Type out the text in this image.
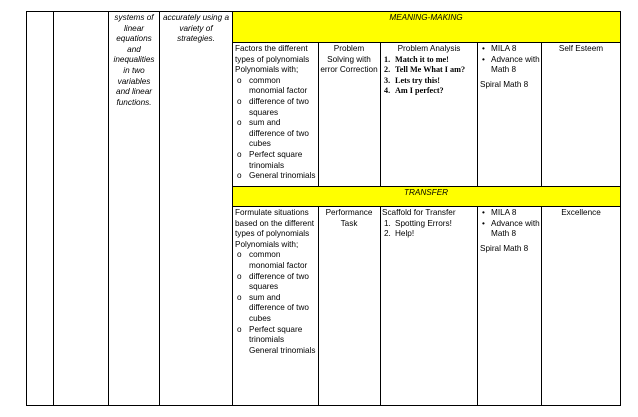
MEANING-MAKING
TRANSFER
systems of linear equations and inequalities in two variables and linear functions.
accurately using a variety of strategies.
Factors the different types of polynomials Polynomials with;
o common monomial factor
o difference of two squares
o sum and difference of two cubes
o Perfect square trinomials
o General trinomials
Problem Solving with error Correction
Problem Analysis
1. Match it to me!
2. Tell Me What I am?
3. Lets try this!
4. Am I perfect?
• MILA 8
• Advance with Math 8
Spiral Math 8
Self Esteem
Formulate situations based on the different types of polynomials Polynomials with;
o common monomial factor
o difference of two squares
o sum and difference of two cubes
o Perfect square trinomials
General trinomials
Performance Task
Scaffold for Transfer
1. Spotting Errors!
2. Help!
• MILA 8
• Advance with Math 8
Spiral Math 8
Excellence
